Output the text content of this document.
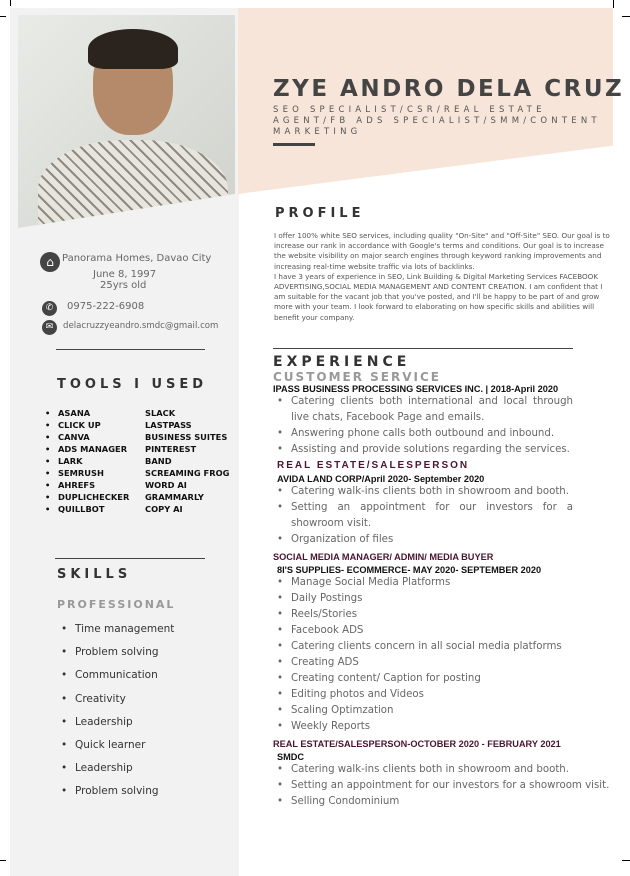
ZYE ANDRO DELA CRUZ
SEO SPECIALIST/CSR/REAL ESTATE AGENT/FB ADS SPECIALIST/SMM/CONTENT MARKETING
⌂ Panorama Homes, Davao City
June 8, 1997
25yrs old
✆	0975-222-6908
✉	delacruzzyeandro.smdc@gmail.com
TOOLS I USED
• ASANA	SLACK
• CLICK UP	LASTPASS
• CANVA	BUSINESS SUITES
• ADS MANAGER	PINTEREST
• LARK	BAND
• SEMRUSH	SCREAMING FROG
• AHREFS	WORD AI
• DUPLICHECKER	GRAMMARLY
• QUILLBOT	COPY AI
SKILLS
PROFESSIONAL
• Time management
• Problem solving
• Communication
• Creativity
• Leadership
• Quick learner
• Leadership
• Problem solving
PROFILE
I offer 100% white SEO services, including quality "On-Site" and "Off-Site" SEO. Our goal is to increase our rank in accordance with Google's terms and conditions. Our goal is to increase the website visibility on major search engines through keyword ranking improvements and increasing real-time website traffic via lots of backlinks.
I have 3 years of experience in SEO, Link Building & Digital Marketing Services FACEBOOK ADVERTISING,SOCIAL MEDIA MANAGEMENT AND CONTENT CREATION. I am confident that I am suitable for the vacant job that you've posted, and I'll be happy to be part of and grow more with your team. I look forward to elaborating on how specific skills and abilities will benefit your company.
EXPERIENCE
CUSTOMER SERVICE
IPASS BUSINESS PROCESSING SERVICES INC. | 2018-April 2020
• Catering clients both international and local through live chats, Facebook Page and emails.
• Answering phone calls both outbound and inbound.
• Assisting and provide solutions regarding the services.
REAL ESTATE/SALESPERSON
AVIDA LAND CORP/April 2020- September 2020
• Catering walk-ins clients both in showroom and booth.
• Setting an appointment for our investors for a showroom visit.
• Organization of files
SOCIAL MEDIA MANAGER/ ADMIN/ MEDIA BUYER
8I'S SUPPLIES- ECOMMERCE- MAY 2020- SEPTEMBER 2020
• Manage Social Media Platforms
• Daily Postings
• Reels/Stories
• Facebook ADS
• Catering clients concern in all social media platforms
• Creating ADS
• Creating content/ Caption for posting
• Editing photos and Videos
• Scaling Optimzation
• Weekly Reports
REAL ESTATE/SALESPERSON-OCTOBER 2020 - FEBRUARY 2021
SMDC
• Catering walk-ins clients both in showroom and booth.
• Setting an appointment for our investors for a showroom visit.
• Selling Condominium
